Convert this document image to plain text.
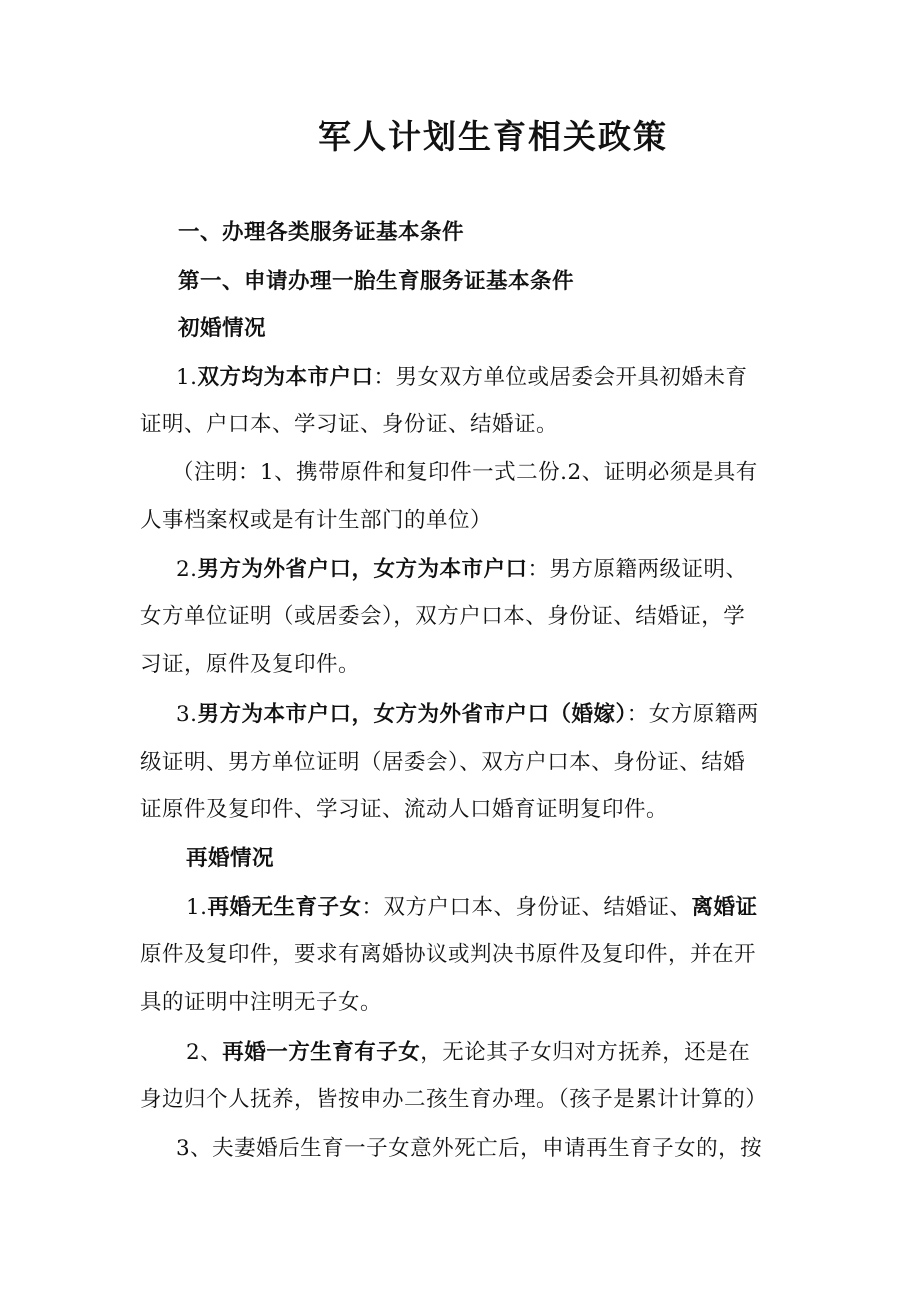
军人计划生育相关政策
一、办理各类服务证基本条件
第一、申请办理一胎生育服务证基本条件
初婚情况
1.双方均为本市户口：男女双方单位或居委会开具初婚未育
证明、户口本、学习证、身份证、结婚证。
（注明：1、携带原件和复印件一式二份.2、证明必须是具有
人事档案权或是有计生部门的单位）
2.男方为外省户口，女方为本市户口：男方原籍两级证明、
女方单位证明（或居委会），双方户口本、身份证、结婚证，学
习证，原件及复印件。
3.男方为本市户口，女方为外省市户口（婚嫁）：女方原籍两
级证明、男方单位证明（居委会）、双方户口本、身份证、结婚
证原件及复印件、学习证、流动人口婚育证明复印件。
再婚情况
1.再婚无生育子女：双方户口本、身份证、结婚证、离婚证
原件及复印件，要求有离婚协议或判决书原件及复印件，并在开
具的证明中注明无子女。
2、再婚一方生育有子女，无论其子女归对方抚养，还是在
身边归个人抚养，皆按申办二孩生育办理。（孩子是累计计算的）
3、夫妻婚后生育一子女意外死亡后，申请再生育子女的，按
